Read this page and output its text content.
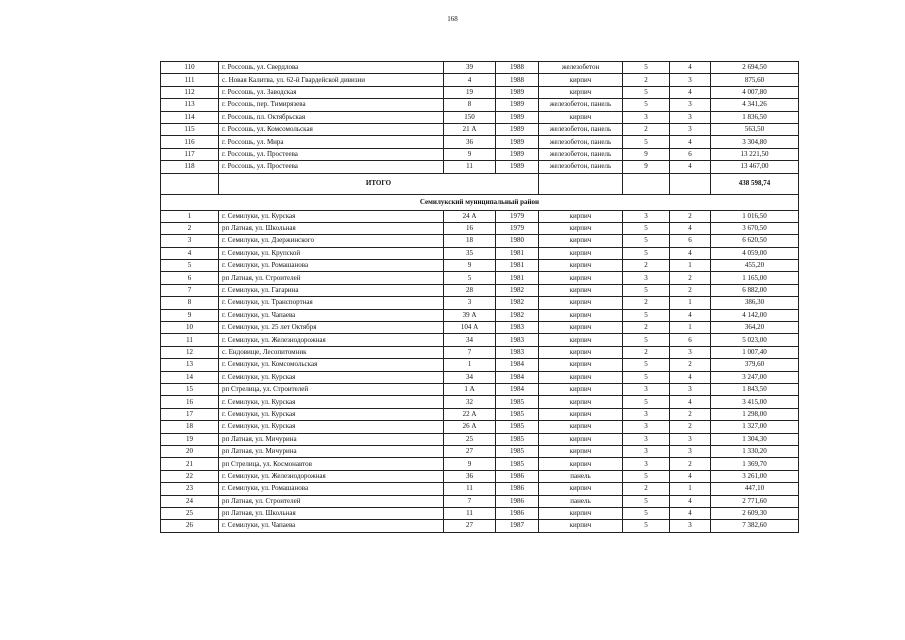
168
110	г. Россошь, ул. Свердлова	39	1988	железобетон	5	4	2 694,50
111	с. Новая Калитва, ул. 62-й Гвардейской дивизии	4	1988	кирпич	2	3	875,60
112	г. Россошь, ул. Заводская	19	1989	кирпич	5	4	4 007,80
113	г. Россошь, пер. Тимирязева	8	1989	железобетон, панель	5	3	4 341,26
114	г. Россошь, пл. Октябрьская	150	1989	кирпич	3	3	1 836,50
115	г. Россошь, ул. Комсомольская	21 А	1989	железобетон, панель	2	3	563,50
116	г. Россошь, ул. Мира	36	1989	железобетон, панель	5	4	3 304,80
117	г. Россошь, ул. Простеева	9	1989	железобетон, панель	9	6	13 221,50
118	г. Россошь, ул. Простеева	11	1989	железобетон, панель	9	4	13 467,00
	ИТОГО						438 598,74
Семилукский муниципальный район							
1	г. Семилуки, ул. Курская	24 А	1979	кирпич	3	2	1 016,50
2	рп Латная, ул. Школьная	16	1979	кирпич	5	4	3 670,50
3	г. Семилуки, ул. Дзержинского	18	1980	кирпич	5	6	6 620,50
4	г. Семилуки, ул. Крупской	35	1981	кирпич	5	4	4 059,00
5	г. Семилуки, ул. Ромашанова	9	1981	кирпич	2	1	455,20
6	рп Латная, ул. Строителей	5	1981	кирпич	3	2	1 165,00
7	г. Семилуки, ул. Гагарина	28	1982	кирпич	5	2	6 882,00
8	г. Семилуки, ул. Транспортная	3	1982	кирпич	2	1	386,30
9	г. Семилуки, ул. Чапаева	39 А	1982	кирпич	5	4	4 142,00
10	г. Семилуки, ул. 25 лет Октября	104 А	1983	кирпич	2	1	364,20
11	г. Семилуки, ул. Железнодорожная	34	1983	кирпич	5	6	5 023,00
12	с. Ендовище, Лесопитомник	7	1983	кирпич	2	3	1 007,40
13	г. Семилуки, ул. Комсомольская	1	1984	кирпич	5	2	379,60
14	г. Семилуки, ул. Курская	34	1984	кирпич	5	4	3 247,00
15	рп Стрелица, ул. Строителей	1 А	1984	кирпич	3	3	1 843,50
16	г. Семилуки, ул. Курская	32	1985	кирпич	5	4	3 415,00
17	г. Семилуки, ул. Курская	22 А	1985	кирпич	3	2	1 298,00
18	г. Семилуки, ул. Курская	26 А	1985	кирпич	3	2	1 327,00
19	рп Латная, ул. Мичурина	25	1985	кирпич	3	3	1 304,30
20	рп Латная, ул. Мичурина	27	1985	кирпич	3	3	1 330,20
21	рп Стрелица, ул. Космонавтов	9	1985	кирпич	3	2	1 369,70
22	г. Семилуки, ул. Железнодорожная	36	1986	панель	5	4	3 261,00
23	г. Семилуки, ул. Ромашанова	11	1986	кирпич	2	1	447,10
24	рп Латная, ул. Строителей	7	1986	панель	5	4	2 771,60
25	рп Латная, ул. Школьная	11	1986	кирпич	5	4	2 609,30
26	г. Семилуки, ул. Чапаева	27	1987	кирпич	5	3	7 382,60
